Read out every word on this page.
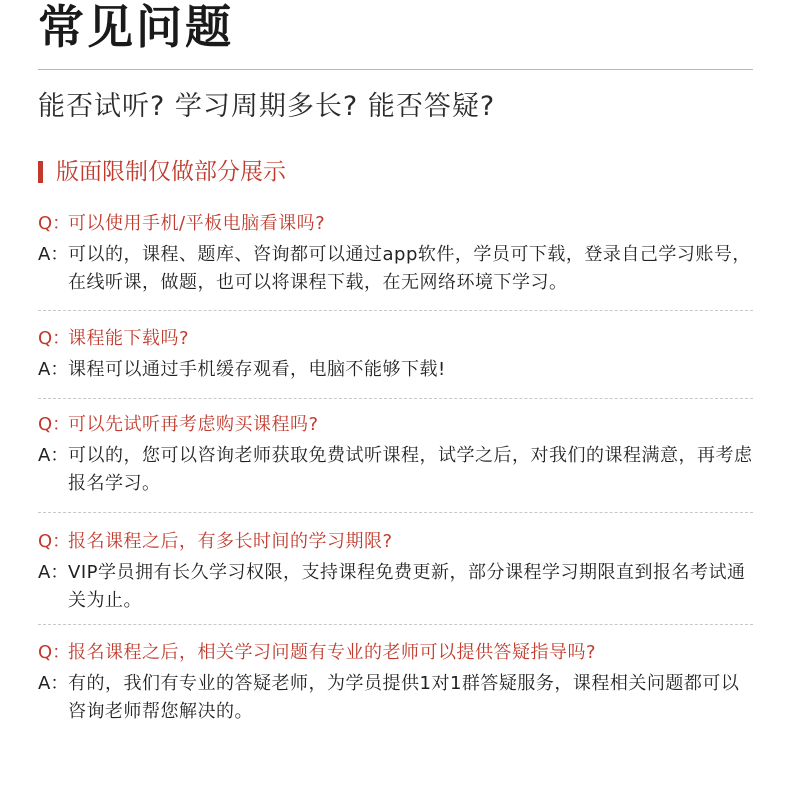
常见问题
能否试听? 学习周期多长? 能否答疑?
版面限制仅做部分展示
Q：
可以使用手机/平板电脑看课吗?
A： 可以的，课程、题库、咨询都可以通过app软件，学员可下载，登录自己学习账号，在线听课，做题，也可以将课程下载，在无网络环境下学习。
Q：
课程能下载吗?
A： 课程可以通过手机缓存观看，电脑不能够下载!
Q：
可以先试听再考虑购买课程吗?
A： 可以的，您可以咨询老师获取免费试听课程，试学之后，对我们的课程满意，再考虑报名学习。
Q：
报名课程之后，有多长时间的学习期限?
A： VIP学员拥有长久学习权限，支持课程免费更新，部分课程学习期限直到报名考试通关为止。
Q：
报名课程之后，相关学习问题有专业的老师可以提供答疑指导吗?
A： 有的，我们有专业的答疑老师，为学员提供1对1群答疑服务，课程相关问题都可以咨询老师帮您解决的。
